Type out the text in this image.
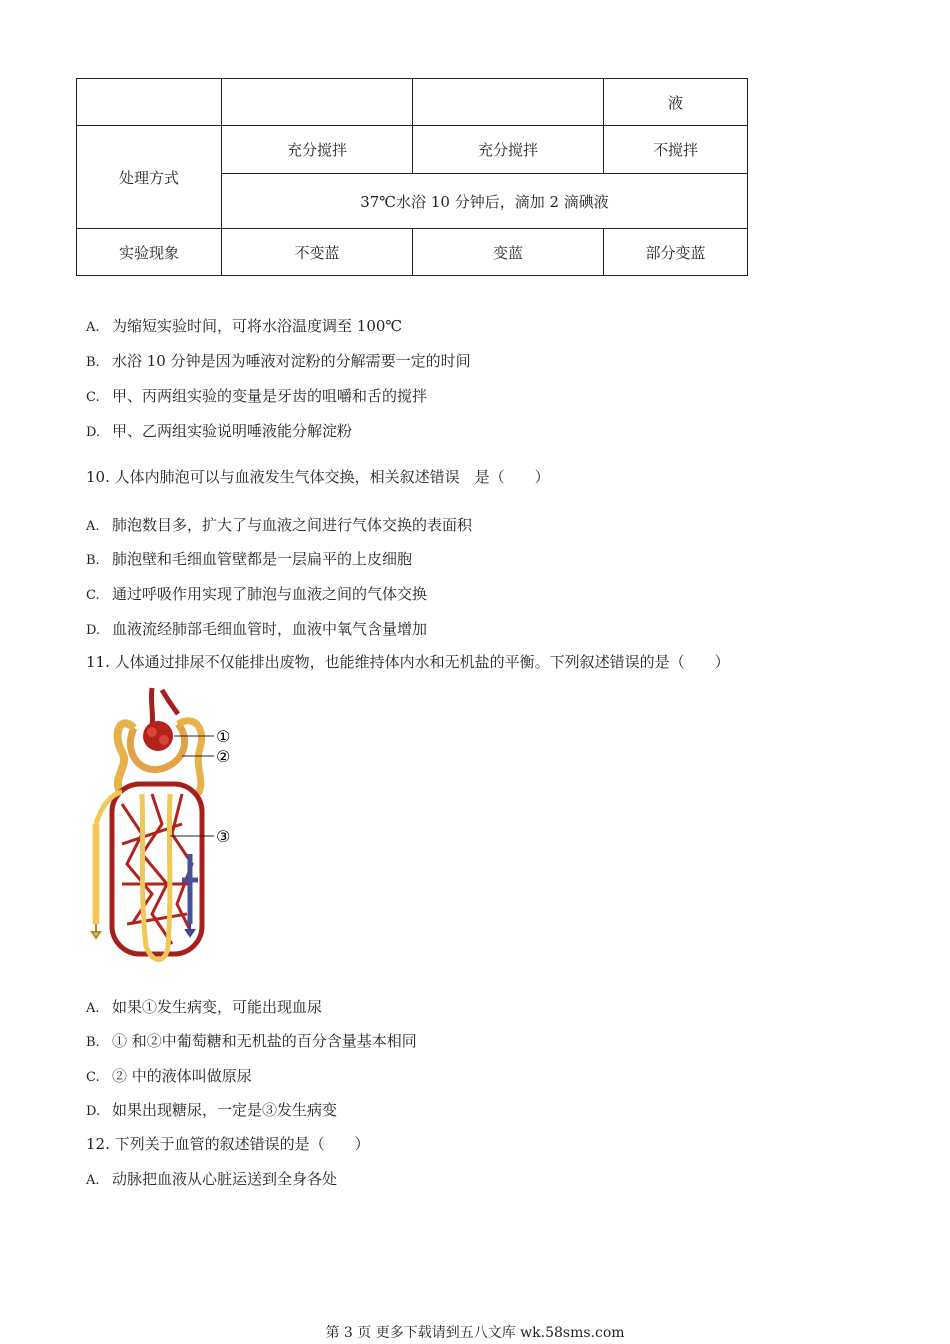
			液
处理方式	充分搅拌	充分搅拌	不搅拌
	37℃水浴 10 分钟后，滴加 2 滴碘液		
实验现象	不变蓝	变蓝	部分变蓝
A. 为缩短实验时间，可将水浴温度调至 100℃
B. 水浴 10 分钟是因为唾液对淀粉的分解需要一定的时间
C. 甲、丙两组实验的变量是牙齿的咀嚼和舌的搅拌
D. 甲、乙两组实验说明唾液能分解淀粉
10. 人体内肺泡可以与血液发生气体交换，相关叙述错误　是（　　）
A. 肺泡数目多，扩大了与血液之间进行气体交换的表面积
B. 肺泡壁和毛细血管壁都是一层扁平的上皮细胞
C. 通过呼吸作用实现了肺泡与血液之间的气体交换
D. 血液流经肺部毛细血管时，血液中氧气含量增加
11. 人体通过排尿不仅能排出废物，也能维持体内水和无机盐的平衡。下列叙述错误的是（　　）
①
②
③
A. 如果①发生病变，可能出现血尿
B. ① 和②中葡萄糖和无机盐的百分含量基本相同
C. ② 中的液体叫做原尿
D. 如果出现糖尿，一定是③发生病变
12. 下列关于血管的叙述错误的是（　　）
A. 动脉把血液从心脏运送到全身各处
第 3 页 更多下载请到五八文库 wk.58sms.com
